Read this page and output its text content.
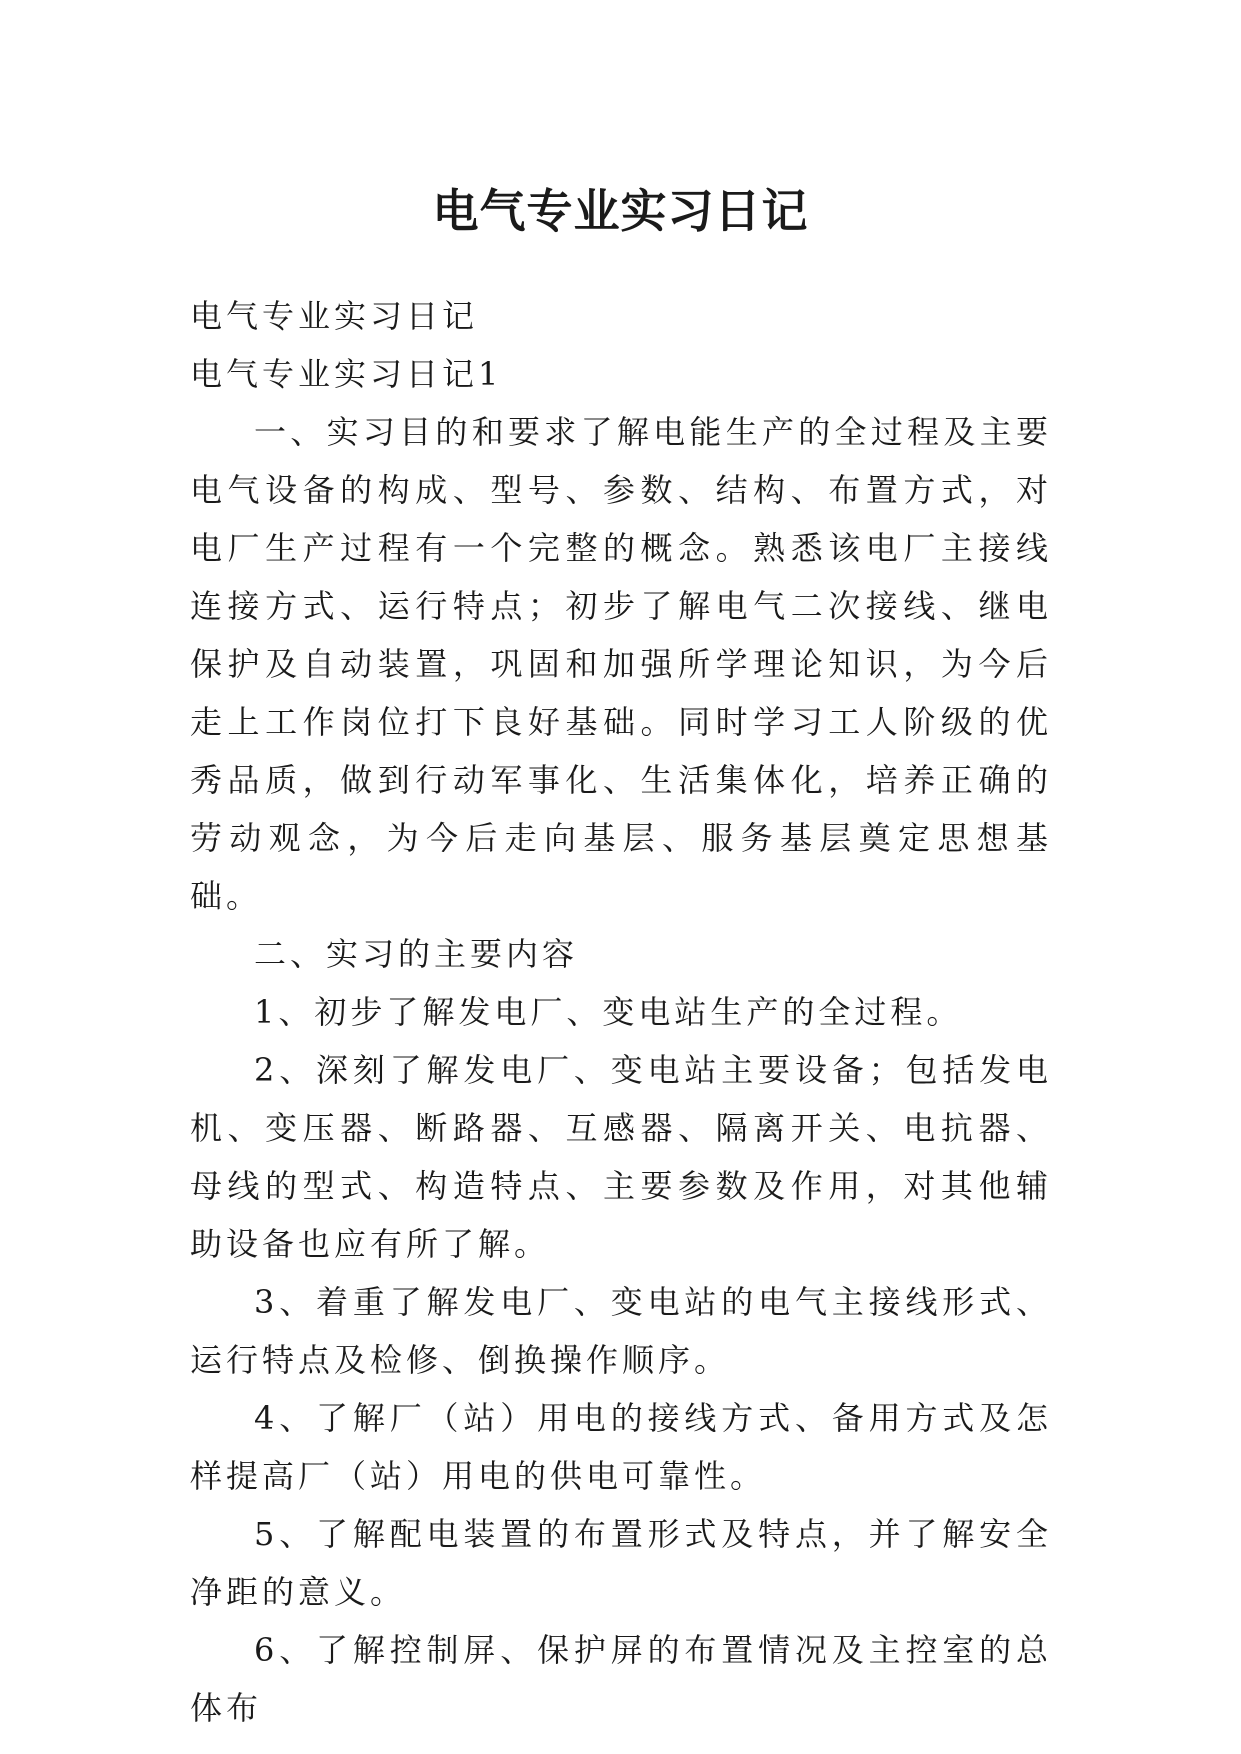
电气专业实习日记

电气专业实习日记

电气专业实习日记1

一、实习目的和要求了解电能生产的全过程及主要电气设备的构成、型号、参数、结构、布置方式，对电厂生产过程有一个完整的概念。熟悉该电厂主接线连接方式、运行特点；初步了解电气二次接线、继电保护及自动装置，巩固和加强所学理论知识，为今后走上工作岗位打下良好基础。同时学习工人阶级的优秀品质，做到行动军事化、生活集体化，培养正确的劳动观念，为今后走向基层、服务基层奠定思想基础。

二、实习的主要内容

1、初步了解发电厂、变电站生产的全过程。

2、深刻了解发电厂、变电站主要设备；包括发电机、变压器、断路器、互感器、隔离开关、电抗器、母线的型式、构造特点、主要参数及作用，对其他辅助设备也应有所了解。

3、着重了解发电厂、变电站的电气主接线形式、运行特点及检修、倒换操作顺序。

4、了解厂（站）用电的接线方式、备用方式及怎样提高厂（站）用电的供电可靠性。

5、了解配电装置的布置形式及特点，并了解安全净距的意义。

6、了解控制屏、保护屏的布置情况及主控室的总体布
